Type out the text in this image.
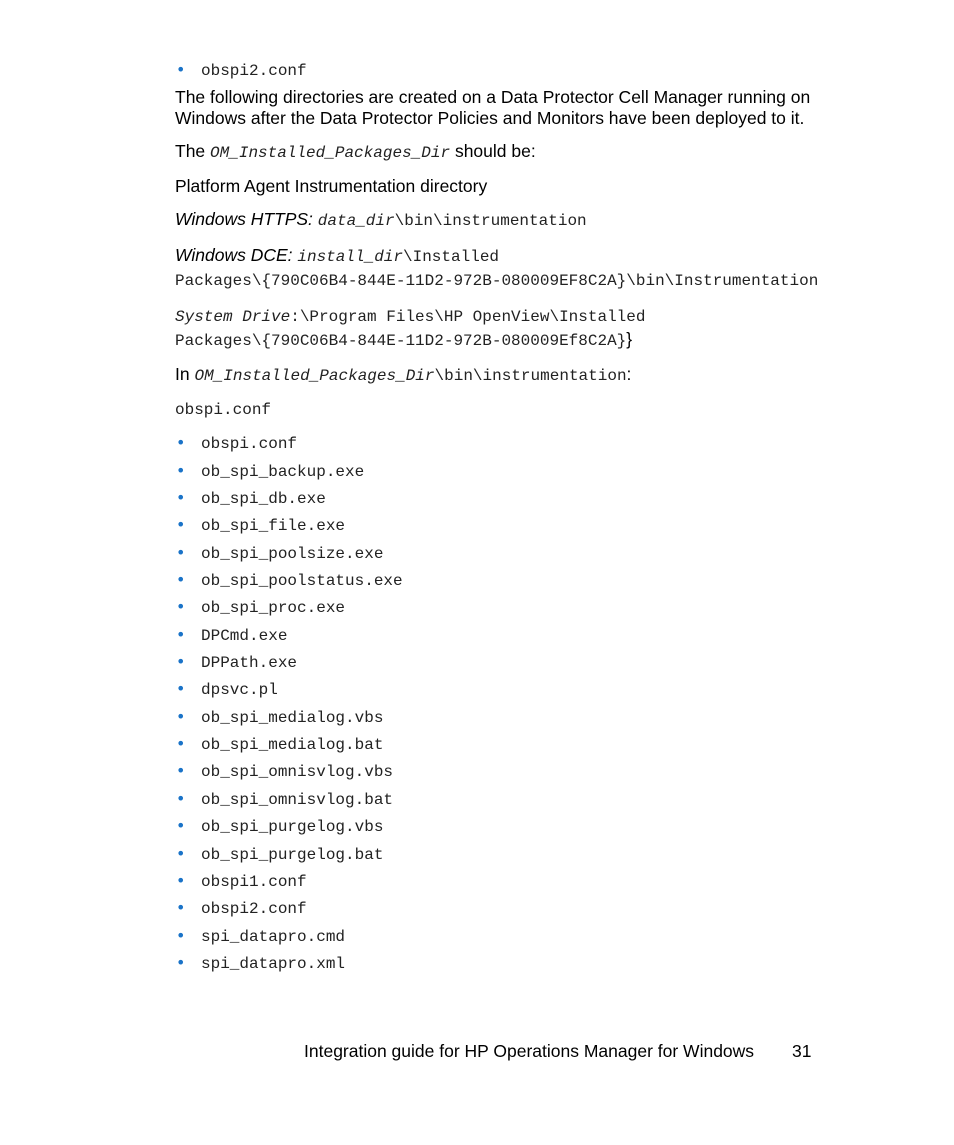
• obspi2.conf

The following directories are created on a Data Protector Cell Manager running on Windows after the Data Protector Policies and Monitors have been deployed to it.

The OM_Installed_Packages_Dir should be:

Platform Agent Instrumentation directory

Windows HTTPS: data_dir\bin\instrumentation

Windows DCE: install_dir\Installed
Packages\{790C06B4-844E-11D2-972B-080009EF8C2A}\bin\Instrumentation

System Drive:\Program Files\HP OpenView\Installed
Packages\{790C06B4-844E-11D2-972B-080009Ef8C2A}}

In OM_Installed_Packages_Dir\bin\instrumentation:

obspi.conf

• obspi.conf
• ob_spi_backup.exe
• ob_spi_db.exe
• ob_spi_file.exe
• ob_spi_poolsize.exe
• ob_spi_poolstatus.exe
• ob_spi_proc.exe
• DPCmd.exe
• DPPath.exe
• dpsvc.pl
• ob_spi_medialog.vbs
• ob_spi_medialog.bat
• ob_spi_omnisvlog.vbs
• ob_spi_omnisvlog.bat
• ob_spi_purgelog.vbs
• ob_spi_purgelog.bat
• obspi1.conf
• obspi2.conf
• spi_datapro.cmd
• spi_datapro.xml
Integration guide for HP Operations Manager for Windows 31
